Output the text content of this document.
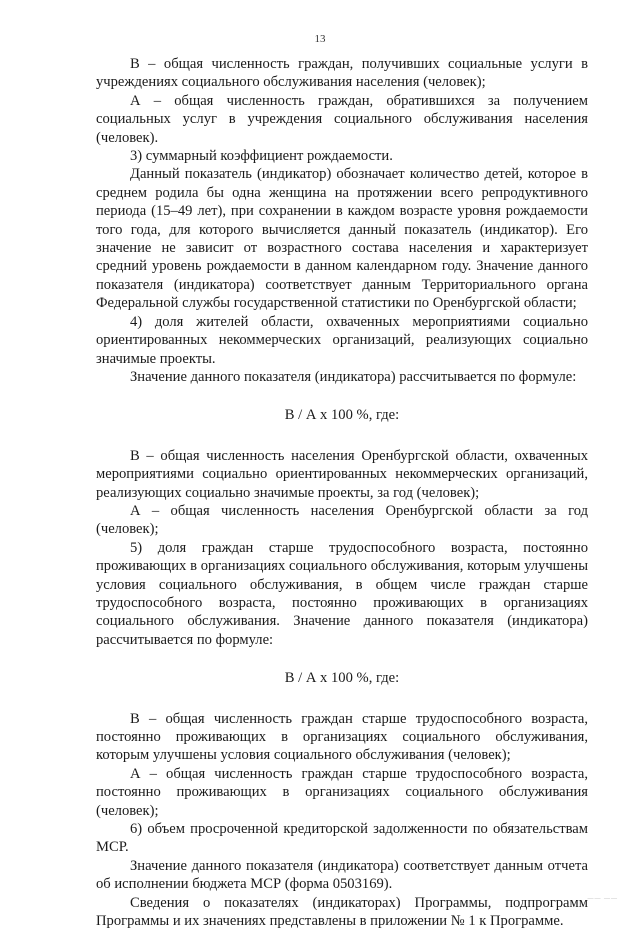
13

В – общая численность граждан, получивших социальные услуги в учреждениях социального обслуживания населения (человек);

А – общая численность граждан, обратившихся за получением социальных услуг в учреждения социального обслуживания населения (человек).

3) суммарный коэффициент рождаемости.

Данный показатель (индикатор) обозначает количество детей, которое в среднем родила бы одна женщина на протяжении всего репродуктивного периода (15–49 лет), при сохранении в каждом возрасте уровня рождаемости того года, для которого вычисляется данный показатель (индикатор). Его значение не зависит от возрастного состава населения и характеризует средний уровень рождаемости в данном календарном году. Значение данного показателя (индикатора) соответствует данным Территориального органа Федеральной службы государственной статистики по Оренбургской области;

4) доля жителей области, охваченных мероприятиями социально ориентированных некоммерческих организаций, реализующих социально значимые проекты.

Значение данного показателя (индикатора) рассчитывается по формуле:

В / А х 100 %, где:

В – общая численность населения Оренбургской области, охваченных мероприятиями социально ориентированных некоммерческих организаций, реализующих социально значимые проекты, за год (человек);

А – общая численность населения Оренбургской области за год (человек);

5) доля граждан старше трудоспособного возраста, постоянно проживающих в организациях социального обслуживания, которым улучшены условия социального обслуживания, в общем числе граждан старше трудоспособного возраста, постоянно проживающих в организациях социального обслуживания. Значение данного показателя (индикатора) рассчитывается по формуле:

В / А х 100 %, где:

В – общая численность граждан старше трудоспособного возраста, постоянно проживающих в организациях социального обслуживания, которым улучшены условия социального обслуживания (человек);

А – общая численность граждан старше трудоспособного возраста, постоянно проживающих в организациях социального обслуживания (человек);

6) объем просроченной кредиторской задолженности по обязательствам МСР.

Значение данного показателя (индикатора) соответствует данным отчета об исполнении бюджета МСР (форма 0503169).

Сведения о показателях (индикаторах) Программы, подпрограмм Программы и их значениях представлены в приложении № 1 к Программе.

—— ——
